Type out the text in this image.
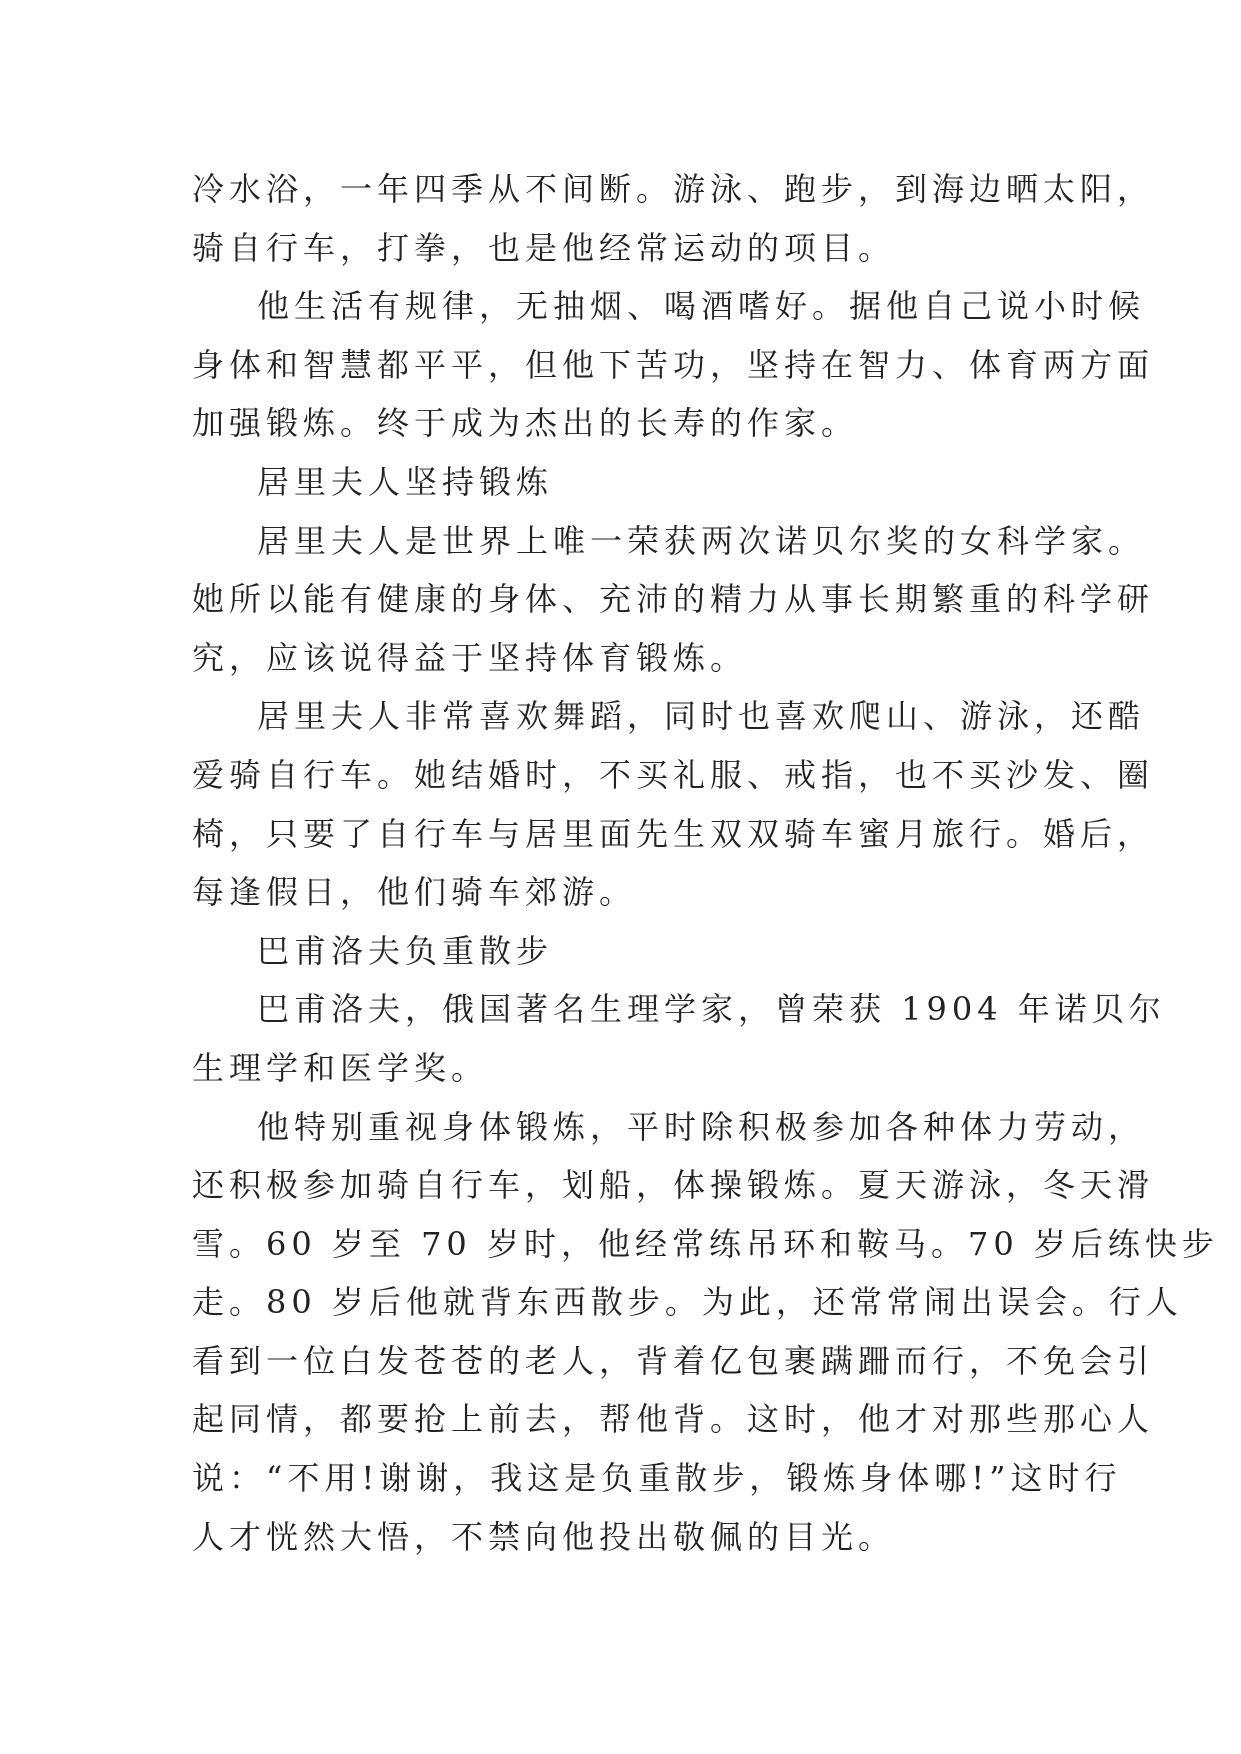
冷水浴，一年四季从不间断。游泳、跑步，到海边晒太阳，
骑自行车，打拳，也是他经常运动的项目。

他生活有规律，无抽烟、喝酒嗜好。据他自己说小时候
身体和智慧都平平，但他下苦功，坚持在智力、体育两方面
加强锻炼。终于成为杰出的长寿的作家。

居里夫人坚持锻炼

居里夫人是世界上唯一荣获两次诺贝尔奖的女科学家。
她所以能有健康的身体、充沛的精力从事长期繁重的科学研
究，应该说得益于坚持体育锻炼。

居里夫人非常喜欢舞蹈，同时也喜欢爬山、游泳，还酷
爱骑自行车。她结婚时，不买礼服、戒指，也不买沙发、圈
椅，只要了自行车与居里面先生双双骑车蜜月旅行。婚后，
每逢假日，他们骑车郊游。

巴甫洛夫负重散步

巴甫洛夫，俄国著名生理学家，曾荣获 1904 年诺贝尔
生理学和医学奖。

他特别重视身体锻炼，平时除积极参加各种体力劳动，
还积极参加骑自行车，划船，体操锻炼。夏天游泳，冬天滑
雪。60 岁至 70 岁时，他经常练吊环和鞍马。70 岁后练快步
走。80 岁后他就背东西散步。为此，还常常闹出误会。行人
看到一位白发苍苍的老人，背着亿包裹蹒跚而行，不免会引
起同情，都要抢上前去，帮他背。这时，他才对那些那心人
说：“不用!谢谢，我这是负重散步，锻炼身体哪!”这时行
人才恍然大悟，不禁向他投出敬佩的目光。
